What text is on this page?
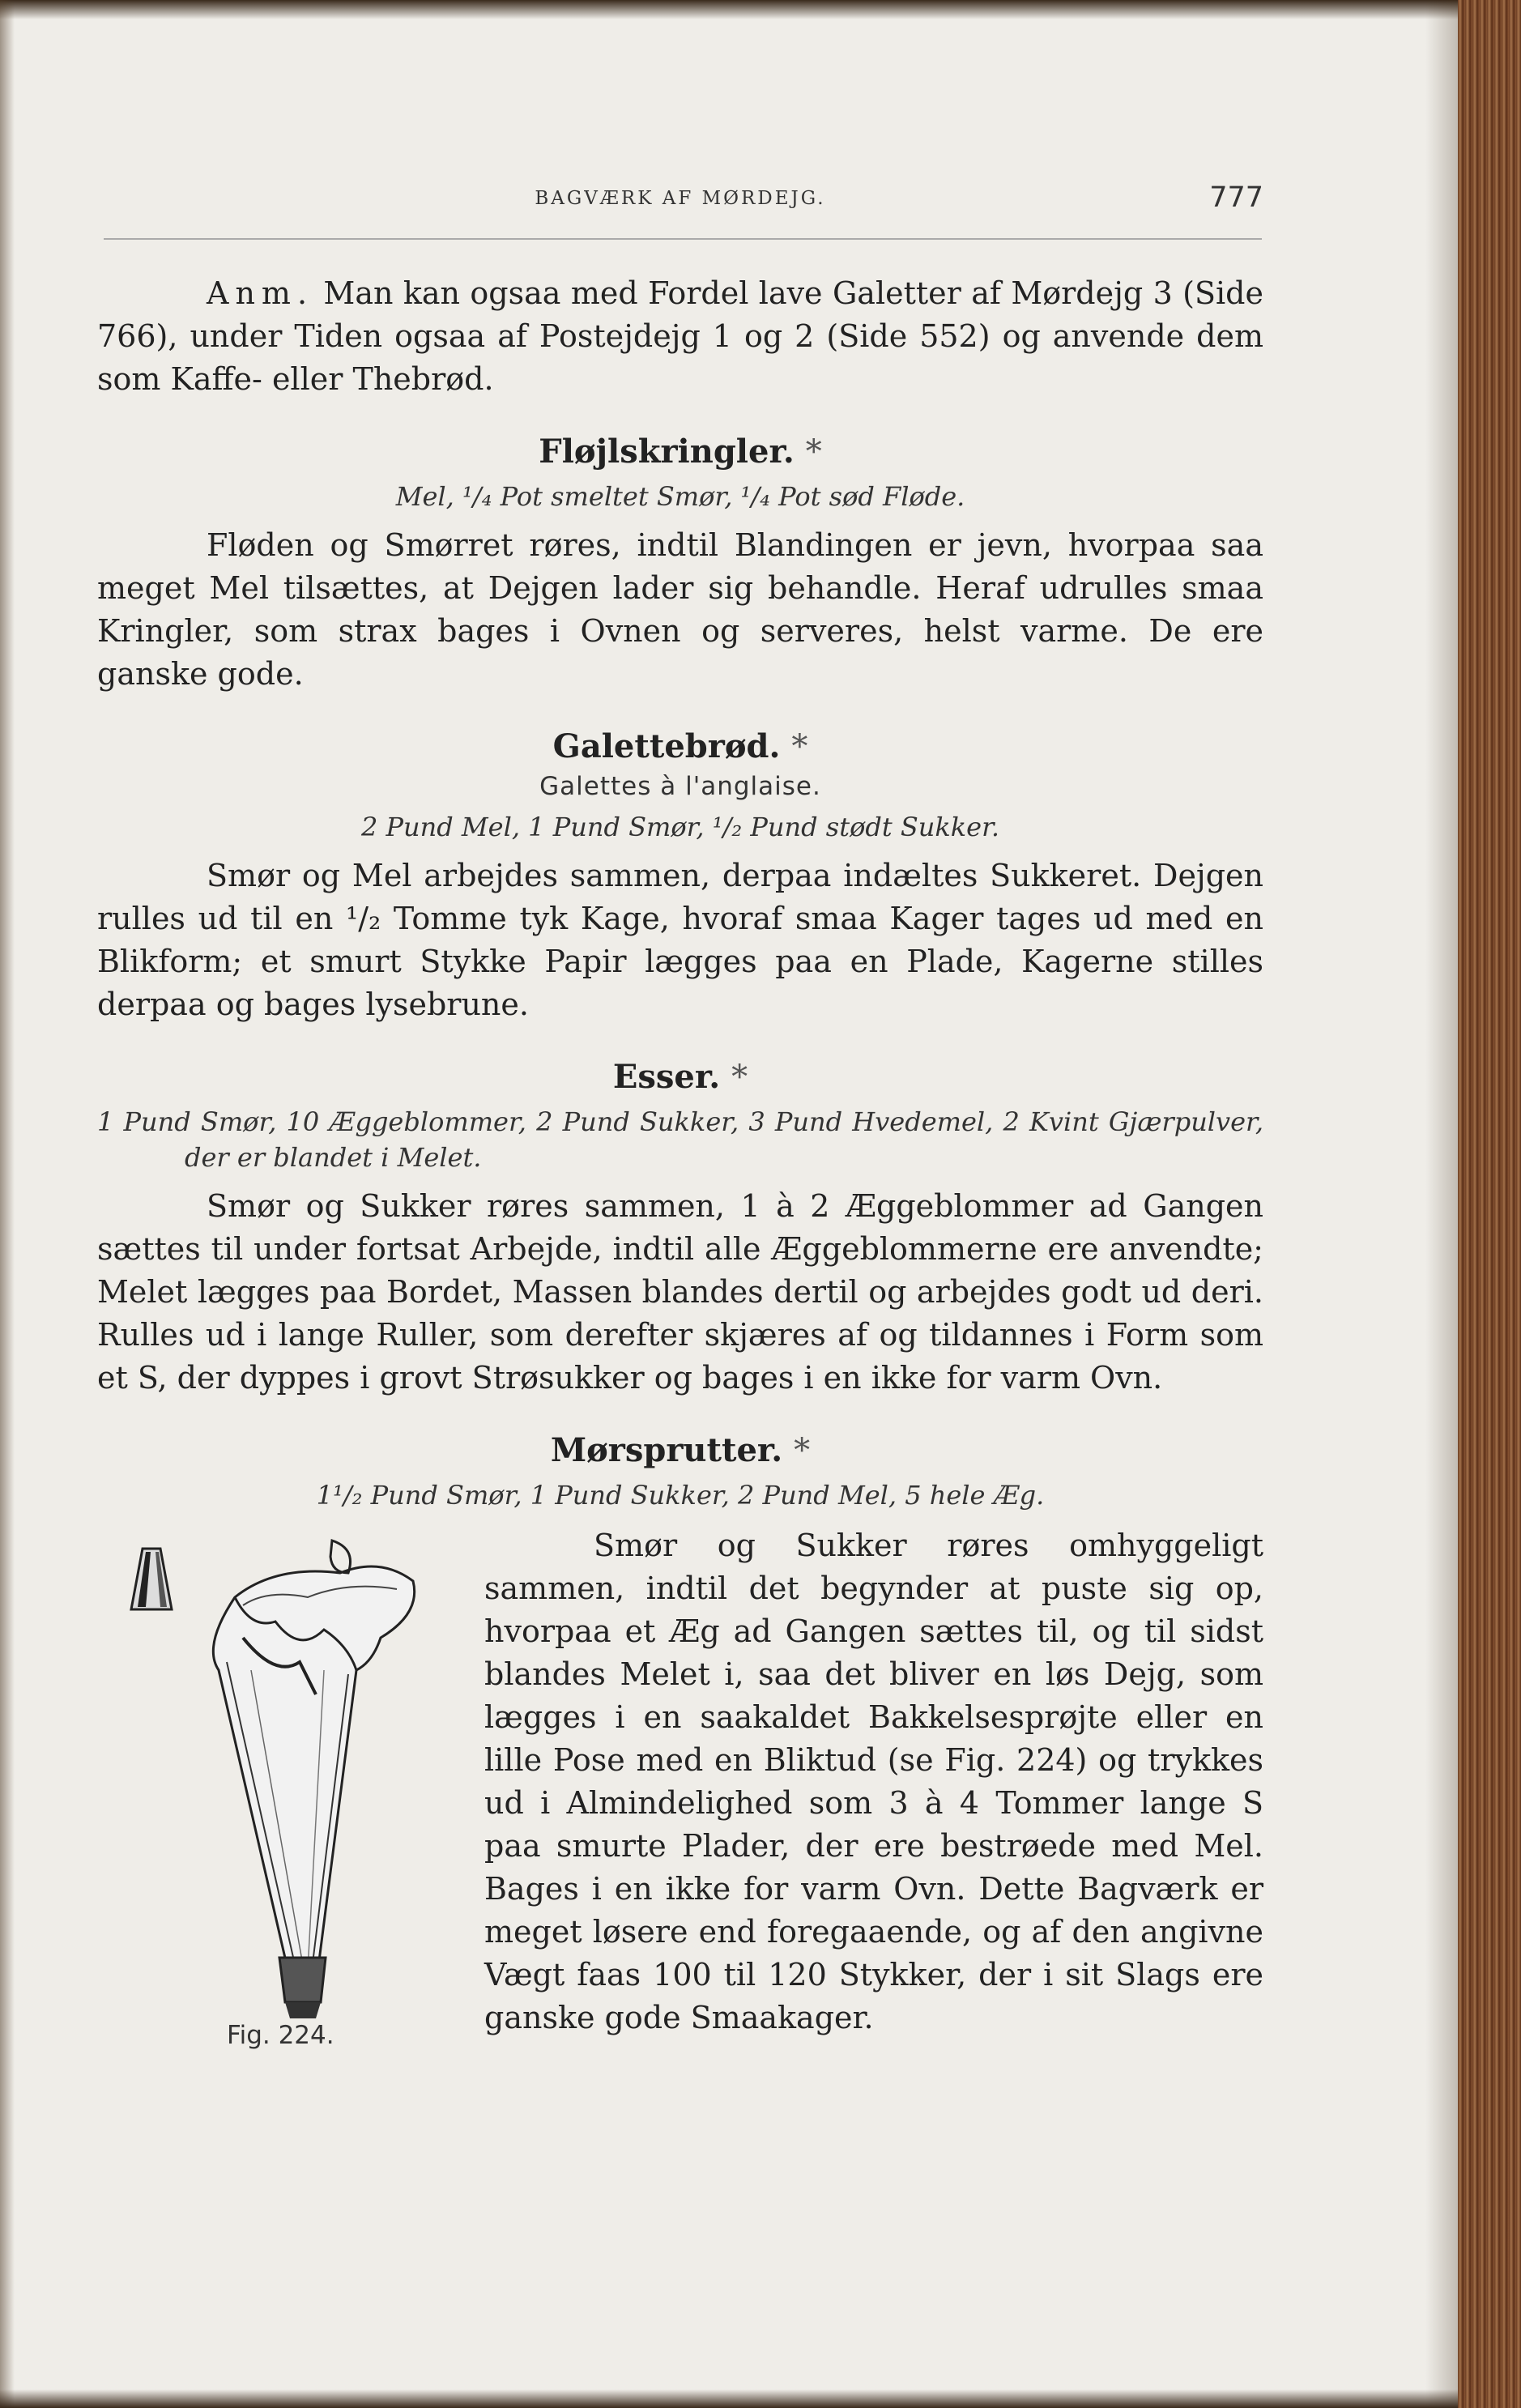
BAGVÆRK AF MØRDEJG.	777

Anm. Man kan ogsaa med Fordel lave Galetter af Mørdejg 3 (Side 766), under Tiden ogsaa af Postejdejg 1 og 2 (Side 552) og anvende dem som Kaffe- eller Thebrød.

Fløjlskringler. *

Mel, ¹/₄ Pot smeltet Smør, ¹/₄ Pot sød Fløde.

Fløden og Smørret røres, indtil Blandingen er jevn, hvorpaa saa meget Mel tilsættes, at Dejgen lader sig behandle. Heraf udrulles smaa Kringler, som strax bages i Ovnen og serveres, helst varme. De ere ganske gode.

Galettebrød. *
Galettes à l'anglaise.

2 Pund Mel, 1 Pund Smør, ¹/₂ Pund stødt Sukker.

Smør og Mel arbejdes sammen, derpaa indæltes Sukkeret. Dejgen rulles ud til en ¹/₂ Tomme tyk Kage, hvoraf smaa Kager tages ud med en Blikform; et smurt Stykke Papir lægges paa en Plade, Kagerne stilles derpaa og bages lysebrune.

Esser. *

1 Pund Smør, 10 Æggeblommer, 2 Pund Sukker, 3 Pund Hvedemel, 2 Kvint Gjærpulver, der er blandet i Melet.

Smør og Sukker røres sammen, 1 à 2 Æggeblommer ad Gangen sættes til under fortsat Arbejde, indtil alle Æggeblommerne ere anvendte; Melet lægges paa Bordet, Massen blandes dertil og arbejdes godt ud deri. Rulles ud i lange Ruller, som derefter skjæres af og tildannes i Form som et S, der dyppes i grovt Strøsukker og bages i en ikke for varm Ovn.

Mørsprutter. *

1¹/₂ Pund Smør, 1 Pund Sukker, 2 Pund Mel, 5 hele Æg.

Fig. 224.

Smør og Sukker røres omhyggeligt sammen, indtil det begynder at puste sig op, hvorpaa et Æg ad Gangen sættes til, og til sidst blandes Melet i, saa det bliver en løs Dejg, som lægges i en saakaldet Bakkelsesprøjte eller en lille Pose med en Bliktud (se Fig. 224) og trykkes ud i Almindelighed som 3 à 4 Tommer lange S paa smurte Plader, der ere bestrøede med Mel. Bages i en ikke for varm Ovn. Dette Bagværk er meget løsere end foregaaende, og af den angivne Vægt faas 100 til 120 Stykker, der i sit Slags ere ganske gode Smaakager.
